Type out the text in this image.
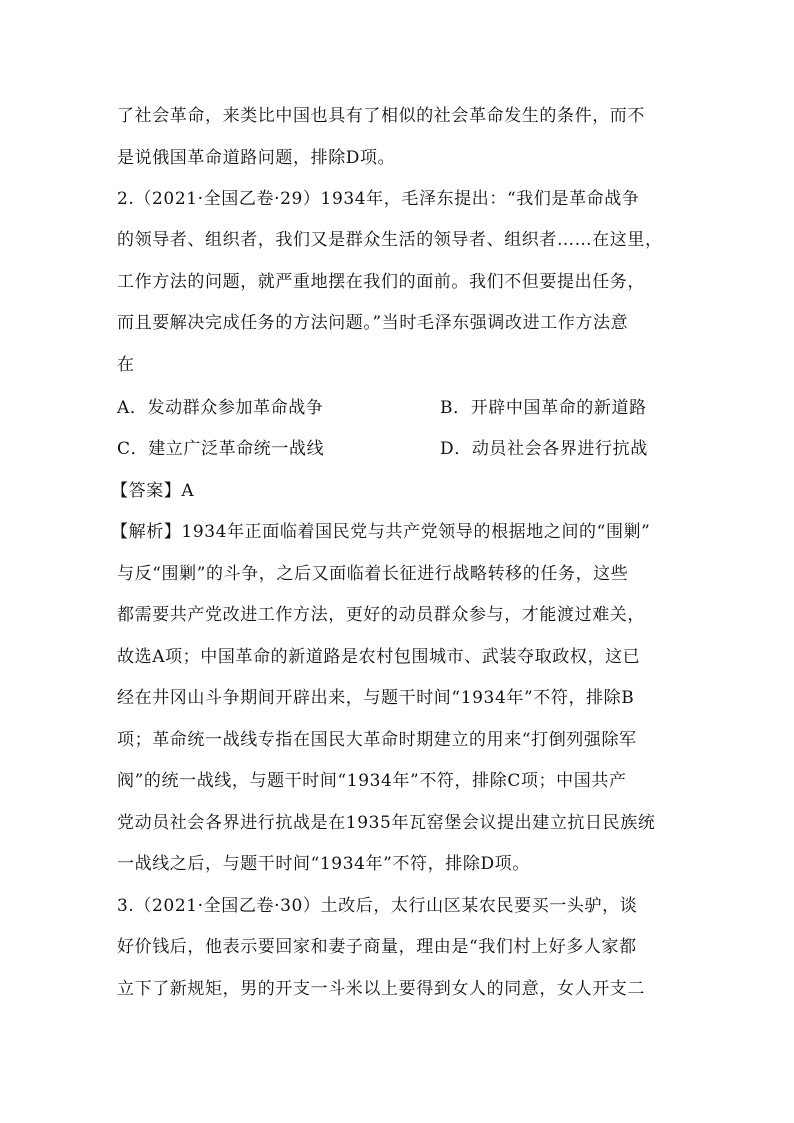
了社会革命，来类比中国也具有了相似的社会革命发生的条件，而不
是说俄国革命道路问题，排除D项。
2.（2021·全国乙卷·29）1934年，毛泽东提出：“我们是革命战争
的领导者、组织者，我们又是群众生活的领导者、组织者……在这里，
工作方法的问题，就严重地摆在我们的面前。我们不但要提出任务，
而且要解决完成任务的方法问题。”当时毛泽东强调改进工作方法意
在
A．发动群众参加革命战争	B．开辟中国革命的新道路
C．建立广泛革命统一战线	D．动员社会各界进行抗战
【答案】A
【解析】1934年正面临着国民党与共产党领导的根据地之间的“围剿”
与反“围剿”的斗争，之后又面临着长征进行战略转移的任务，这些
都需要共产党改进工作方法，更好的动员群众参与，才能渡过难关，
故选A项；中国革命的新道路是农村包围城市、武装夺取政权，这已
经在井冈山斗争期间开辟出来，与题干时间“1934年”不符，排除B
项；革命统一战线专指在国民大革命时期建立的用来“打倒列强除军
阀”的统一战线，与题干时间“1934年”不符，排除C项；中国共产
党动员社会各界进行抗战是在1935年瓦窑堡会议提出建立抗日民族统
一战线之后，与题干时间“1934年”不符，排除D项。
3.（2021·全国乙卷·30）土改后，太行山区某农民要买一头驴，谈
好价钱后，他表示要回家和妻子商量，理由是“我们村上好多人家都
立下了新规矩，男的开支一斗米以上要得到女人的同意，女人开支二
